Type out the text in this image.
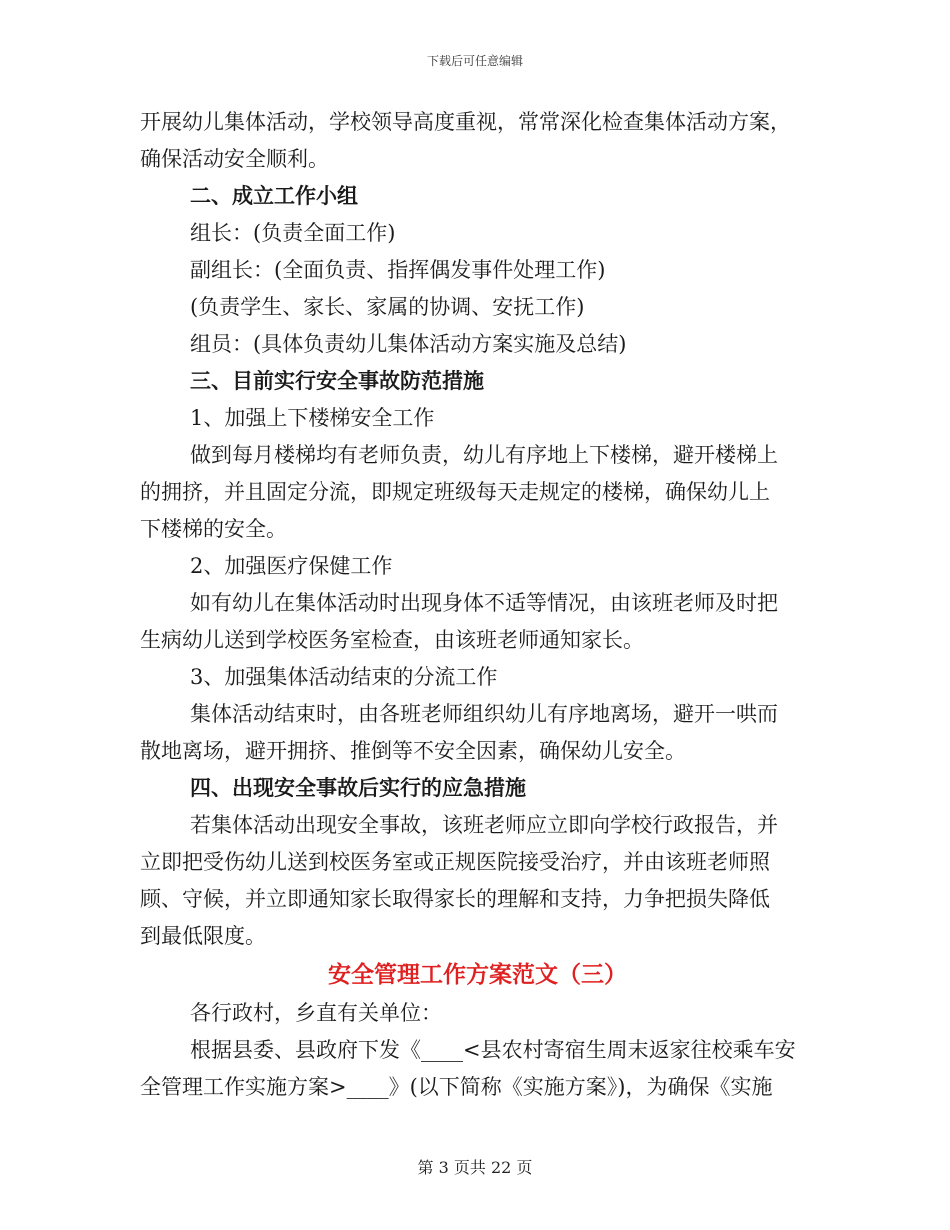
下载后可任意编辑
开展幼儿集体活动，学校领导高度重视，常常深化检查集体活动方案，
确保活动安全顺利。
二、成立工作小组
组长：(负责全面工作)
副组长：(全面负责、指挥偶发事件处理工作)
(负责学生、家长、家属的协调、安抚工作)
组员：(具体负责幼儿集体活动方案实施及总结)
三、目前实行安全事故防范措施
1、加强上下楼梯安全工作
做到每月楼梯均有老师负责，幼儿有序地上下楼梯，避开楼梯上
的拥挤，并且固定分流，即规定班级每天走规定的楼梯，确保幼儿上
下楼梯的安全。
2、加强医疗保健工作
如有幼儿在集体活动时出现身体不适等情况，由该班老师及时把
生病幼儿送到学校医务室检查，由该班老师通知家长。
3、加强集体活动结束的分流工作
集体活动结束时，由各班老师组织幼儿有序地离场，避开一哄而
散地离场，避开拥挤、推倒等不安全因素，确保幼儿安全。
四、出现安全事故后实行的应急措施
若集体活动出现安全事故，该班老师应立即向学校行政报告，并
立即把受伤幼儿送到校医务室或正规医院接受治疗，并由该班老师照
顾、守候，并立即通知家长取得家长的理解和支持，力争把损失降低
到最低限度。
安全管理工作方案范文（三）
各行政村，乡直有关单位：
根据县委、县政府下发《____<县农村寄宿生周末返家往校乘车安
全管理工作实施方案>____》(以下简称《实施方案》)，为确保《实施
第 3 页共 22 页
